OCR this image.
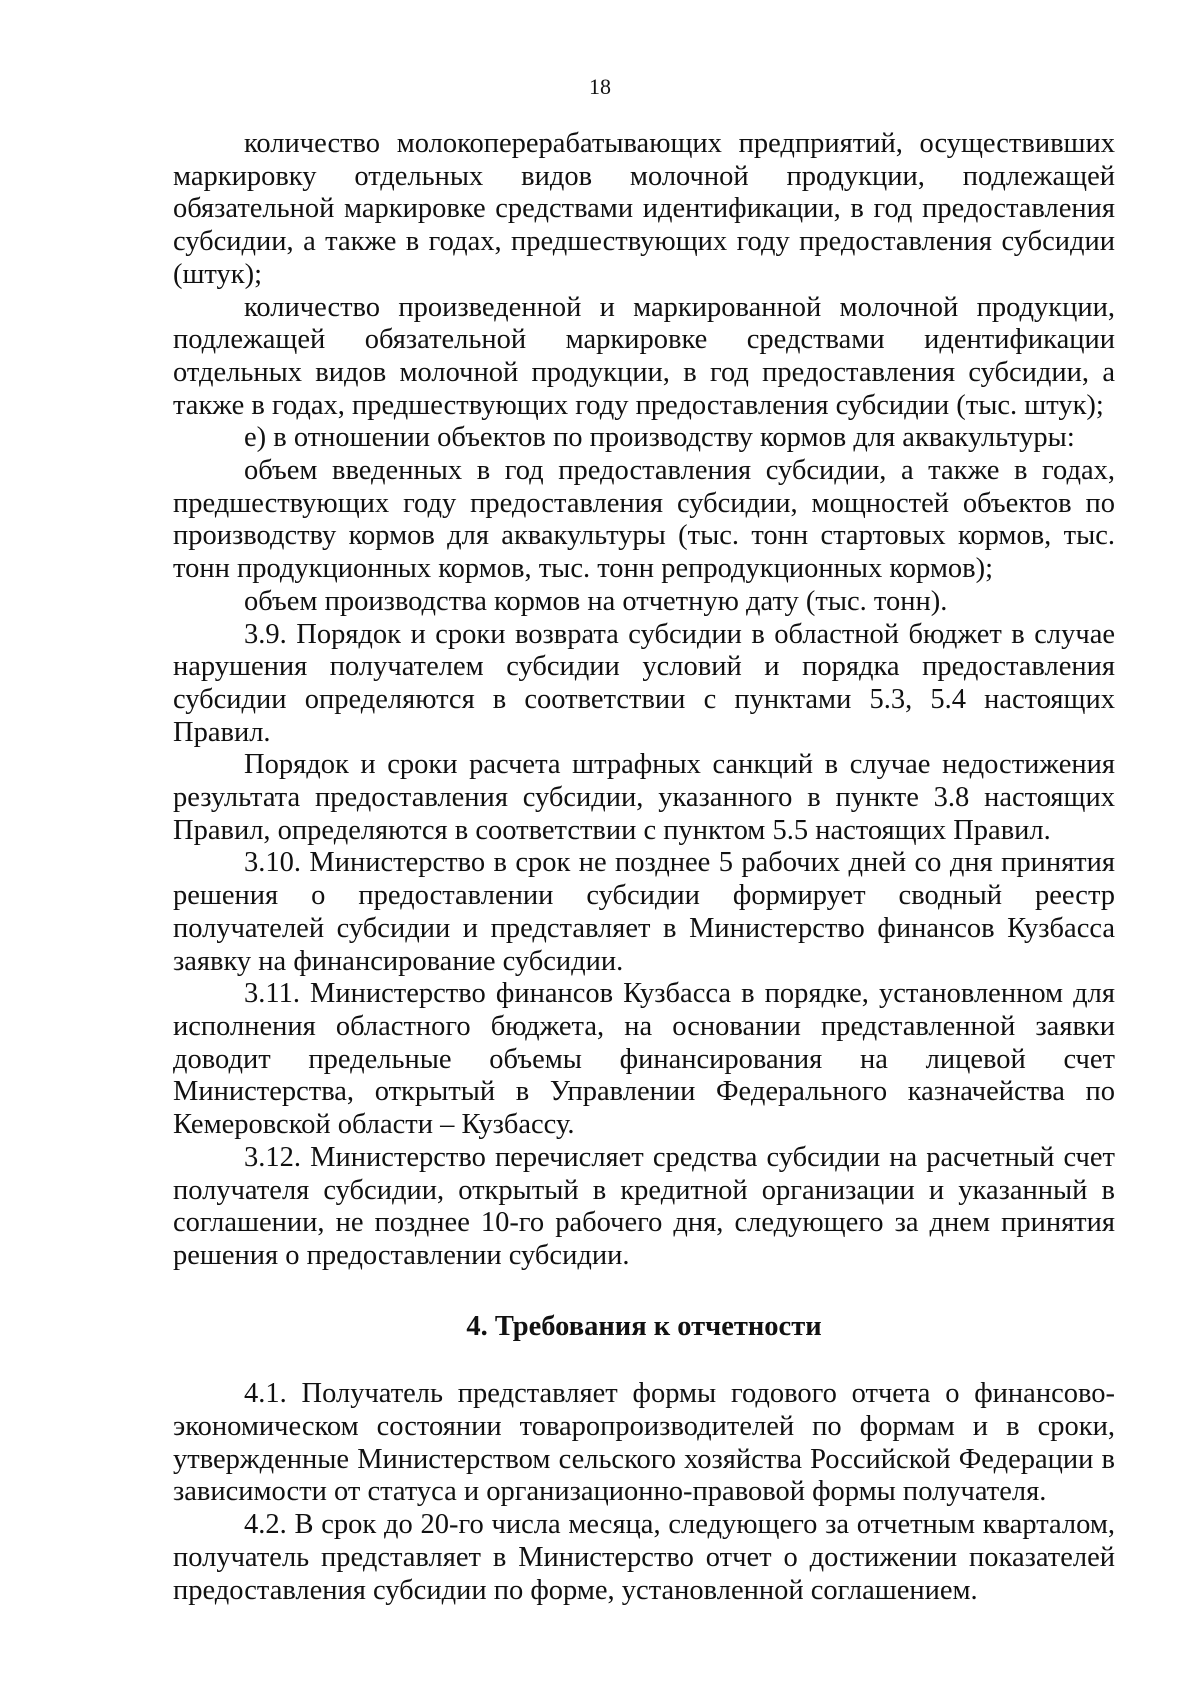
18

количество молокоперерабатывающих предприятий, осуществивших маркировку отдельных видов молочной продукции, подлежащей обязательной маркировке средствами идентификации, в год предоставления субсидии, а также в годах, предшествующих году предоставления субсидии (штук);

количество произведенной и маркированной молочной продукции, подлежащей обязательной маркировке средствами идентификации отдельных видов молочной продукции, в год предоставления субсидии, а также в годах, предшествующих году предоставления субсидии (тыс. штук);

е) в отношении объектов по производству кормов для аквакультуры:

объем введенных в год предоставления субсидии, а также в годах, предшествующих году предоставления субсидии, мощностей объектов по производству кормов для аквакультуры (тыс. тонн стартовых кормов, тыс. тонн продукционных кормов, тыс. тонн репродукционных кормов);

объем производства кормов на отчетную дату (тыс. тонн).

3.9. Порядок и сроки возврата субсидии в областной бюджет в случае нарушения получателем субсидии условий и порядка предоставления субсидии определяются в соответствии с пунктами 5.3, 5.4 настоящих Правил.

Порядок и сроки расчета штрафных санкций в случае недостижения результата предоставления субсидии, указанного в пункте 3.8 настоящих Правил, определяются в соответствии с пунктом 5.5 настоящих Правил.

3.10. Министерство в срок не позднее 5 рабочих дней со дня принятия решения о предоставлении субсидии формирует сводный реестр получателей субсидии и представляет в Министерство финансов Кузбасса заявку на финансирование субсидии.

3.11. Министерство финансов Кузбасса в порядке, установленном для исполнения областного бюджета, на основании представленной заявки доводит предельные объемы финансирования на лицевой счет Министерства, открытый в Управлении Федерального казначейства по Кемеровской области – Кузбассу.

3.12. Министерство перечисляет средства субсидии на расчетный счет получателя субсидии, открытый в кредитной организации и указанный в соглашении, не позднее 10-го рабочего дня, следующего за днем принятия решения о предоставлении субсидии.

4. Требования к отчетности

4.1. Получатель представляет формы годового отчета о финансово-экономическом состоянии товаропроизводителей по формам и в сроки, утвержденные Министерством сельского хозяйства Российской Федерации в зависимости от статуса и организационно-правовой формы получателя.

4.2. В срок до 20-го числа месяца, следующего за отчетным кварталом, получатель представляет в Министерство отчет о достижении показателей предоставления субсидии по форме, установленной соглашением.
